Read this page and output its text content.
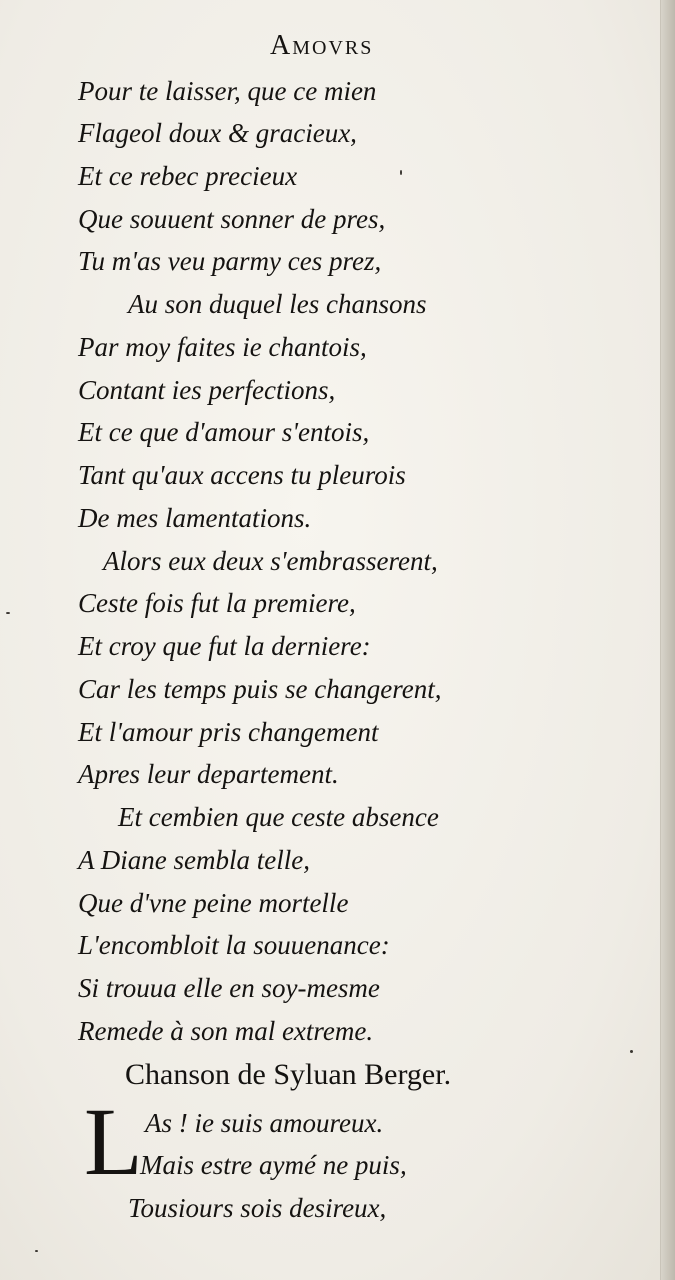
Amovrs
Pour te laisser, que ce mien
Flageol doux & gracieux,
Et ce rebec precieux
Que souuent sonner de pres,
Tu m'as veu parmy ces prez,
Au son duquel les chansons
Par moy faites ie chantois,
Contant ies perfections,
Et ce que d'amour s'entois,
Tant qu'aux accens tu pleurois
De mes lamentations.
Alors eux deux s'embrasserent,
Ceste fois fut la premiere,
Et croy que fut la derniere:
Car les temps puis se changerent,
Et l'amour pris changement
Apres leur departement.
Et cembien que ceste absence
A Diane sembla telle,
Que d'vne peine mortelle
L'encombloit la souuenance:
Si trouua elle en soy-mesme
Remede à son mal extreme.
Chanson de Syluan Berger.
L As ! ie suis amoureux.
Mais estre aymé ne puis,
Tousiours sois desireux,
